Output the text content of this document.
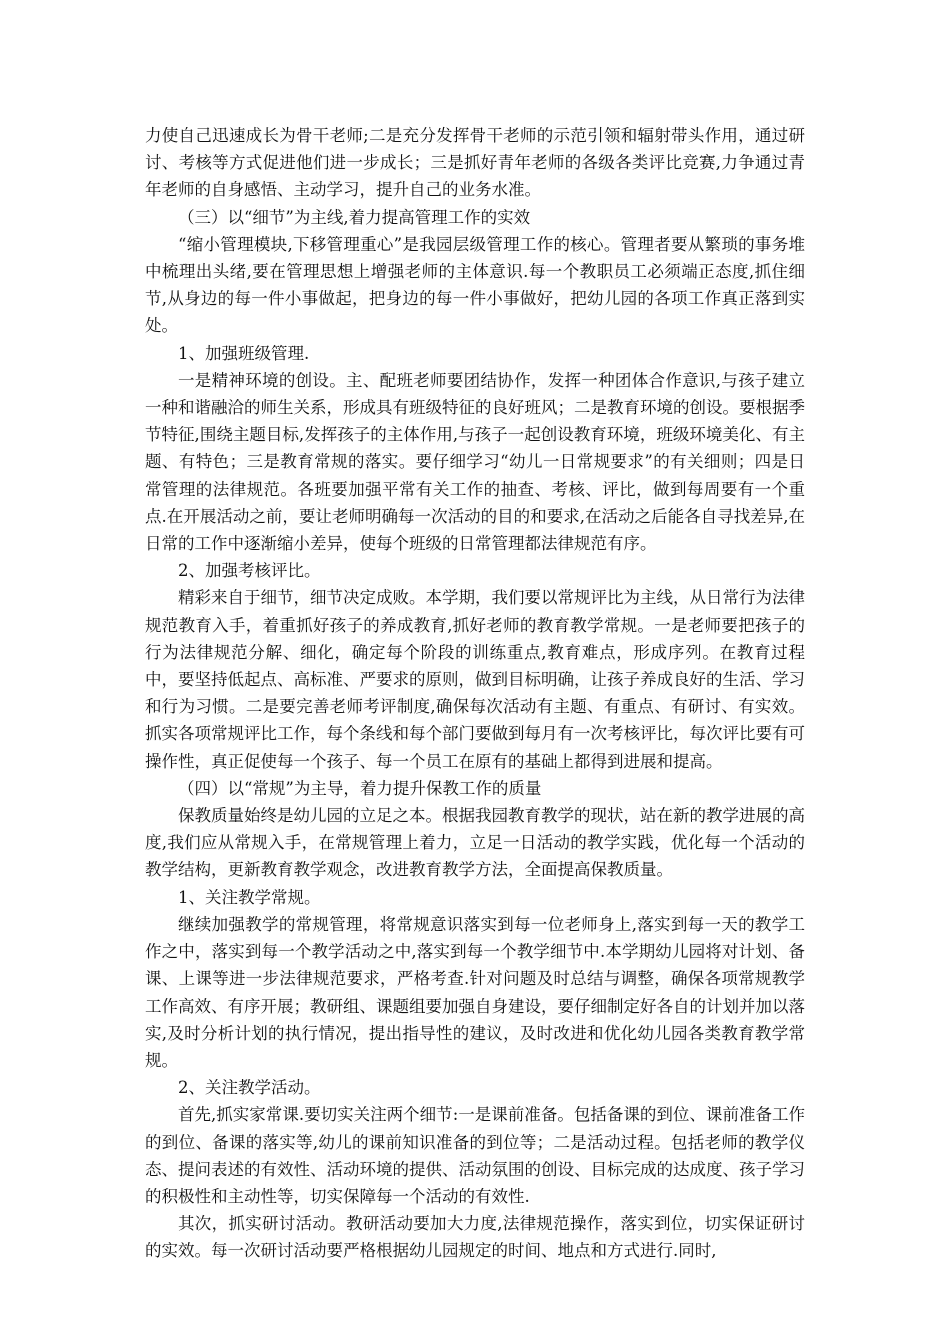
力使自己迅速成长为骨干老师;二是充分发挥骨干老师的示范引领和辐射带头作用，通过研讨、考核等方式促进他们进一步成长；三是抓好青年老师的各级各类评比竞赛,力争通过青年老师的自身感悟、主动学习，提升自己的业务水准。

（三）以“细节”为主线,着力提高管理工作的实效

“缩小管理模块,下移管理重心”是我园层级管理工作的核心。管理者要从繁琐的事务堆中梳理出头绪,要在管理思想上增强老师的主体意识.每一个教职员工必须端正态度,抓住细节,从身边的每一件小事做起，把身边的每一件小事做好，把幼儿园的各项工作真正落到实处。

1、加强班级管理.

一是精神环境的创设。主、配班老师要团结协作，发挥一种团体合作意识,与孩子建立一种和谐融洽的师生关系，形成具有班级特征的良好班风；二是教育环境的创设。要根据季节特征,围绕主题目标,发挥孩子的主体作用,与孩子一起创设教育环境，班级环境美化、有主题、有特色；三是教育常规的落实。要仔细学习“幼儿一日常规要求”的有关细则；四是日常管理的法律规范。各班要加强平常有关工作的抽查、考核、评比，做到每周要有一个重点.在开展活动之前，要让老师明确每一次活动的目的和要求,在活动之后能各自寻找差异,在日常的工作中逐渐缩小差异，使每个班级的日常管理都法律规范有序。

2、加强考核评比。

精彩来自于细节，细节决定成败。本学期，我们要以常规评比为主线，从日常行为法律规范教育入手，着重抓好孩子的养成教育,抓好老师的教育教学常规。一是老师要把孩子的行为法律规范分解、细化，确定每个阶段的训练重点,教育难点，形成序列。在教育过程中，要坚持低起点、高标准、严要求的原则，做到目标明确，让孩子养成良好的生活、学习和行为习惯。二是要完善老师考评制度,确保每次活动有主题、有重点、有研讨、有实效。抓实各项常规评比工作，每个条线和每个部门要做到每月有一次考核评比，每次评比要有可操作性，真正促使每一个孩子、每一个员工在原有的基础上都得到进展和提高。

（四）以“常规”为主导，着力提升保教工作的质量

保教质量始终是幼儿园的立足之本。根据我园教育教学的现状，站在新的教学进展的高度,我们应从常规入手，在常规管理上着力，立足一日活动的教学实践，优化每一个活动的教学结构，更新教育教学观念，改进教育教学方法，全面提高保教质量。

1、关注教学常规。

继续加强教学的常规管理，将常规意识落实到每一位老师身上,落实到每一天的教学工作之中，落实到每一个教学活动之中,落实到每一个教学细节中.本学期幼儿园将对计划、备课、上课等进一步法律规范要求，严格考查.针对问题及时总结与调整，确保各项常规教学工作高效、有序开展；教研组、课题组要加强自身建设，要仔细制定好各自的计划并加以落实,及时分析计划的执行情况，提出指导性的建议，及时改进和优化幼儿园各类教育教学常规。

2、关注教学活动。

首先,抓实家常课.要切实关注两个细节:一是课前准备。包括备课的到位、课前准备工作的到位、备课的落实等,幼儿的课前知识准备的到位等；二是活动过程。包括老师的教学仪态、提问表述的有效性、活动环境的提供、活动氛围的创设、目标完成的达成度、孩子学习的积极性和主动性等，切实保障每一个活动的有效性.

其次，抓实研讨活动。教研活动要加大力度,法律规范操作，落实到位，切实保证研讨的实效。每一次研讨活动要严格根据幼儿园规定的时间、地点和方式进行.同时,
